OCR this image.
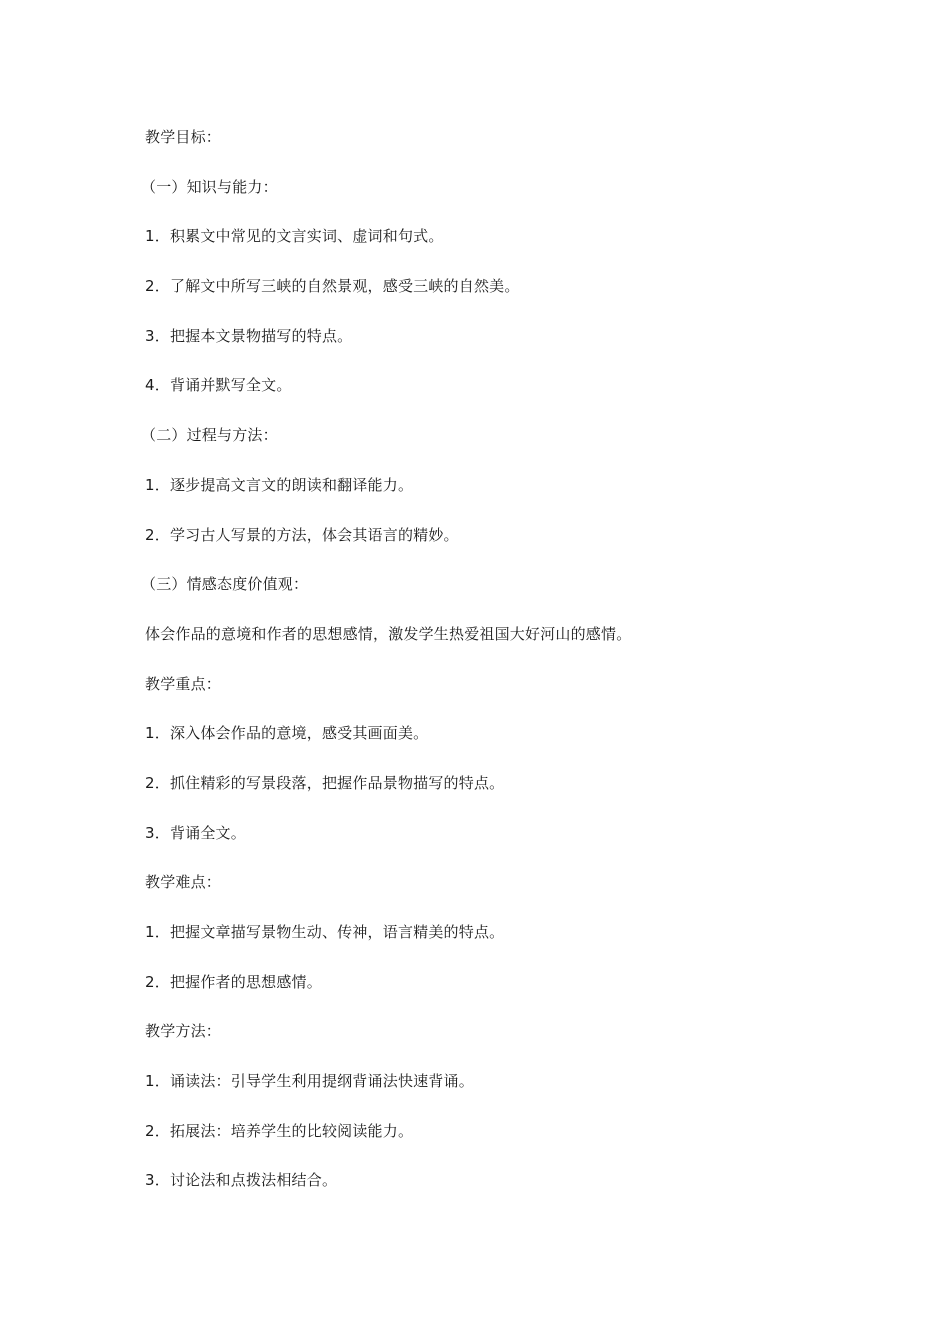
教学目标：
（一）知识与能力：
1．积累文中常见的文言实词、虚词和句式。
2．了解文中所写三峡的自然景观，感受三峡的自然美。
3．把握本文景物描写的特点。
4．背诵并默写全文。
（二）过程与方法：
1．逐步提高文言文的朗读和翻译能力。
2．学习古人写景的方法，体会其语言的精妙。
（三）情感态度价值观：
体会作品的意境和作者的思想感情，激发学生热爱祖国大好河山的感情。
教学重点：
1．深入体会作品的意境，感受其画面美。
2．抓住精彩的写景段落，把握作品景物描写的特点。
3．背诵全文。
教学难点：
1．把握文章描写景物生动、传神，语言精美的特点。
2．把握作者的思想感情。
教学方法：
1．诵读法：引导学生利用提纲背诵法快速背诵。
2．拓展法：培养学生的比较阅读能力。
3．讨论法和点拨法相结合。
